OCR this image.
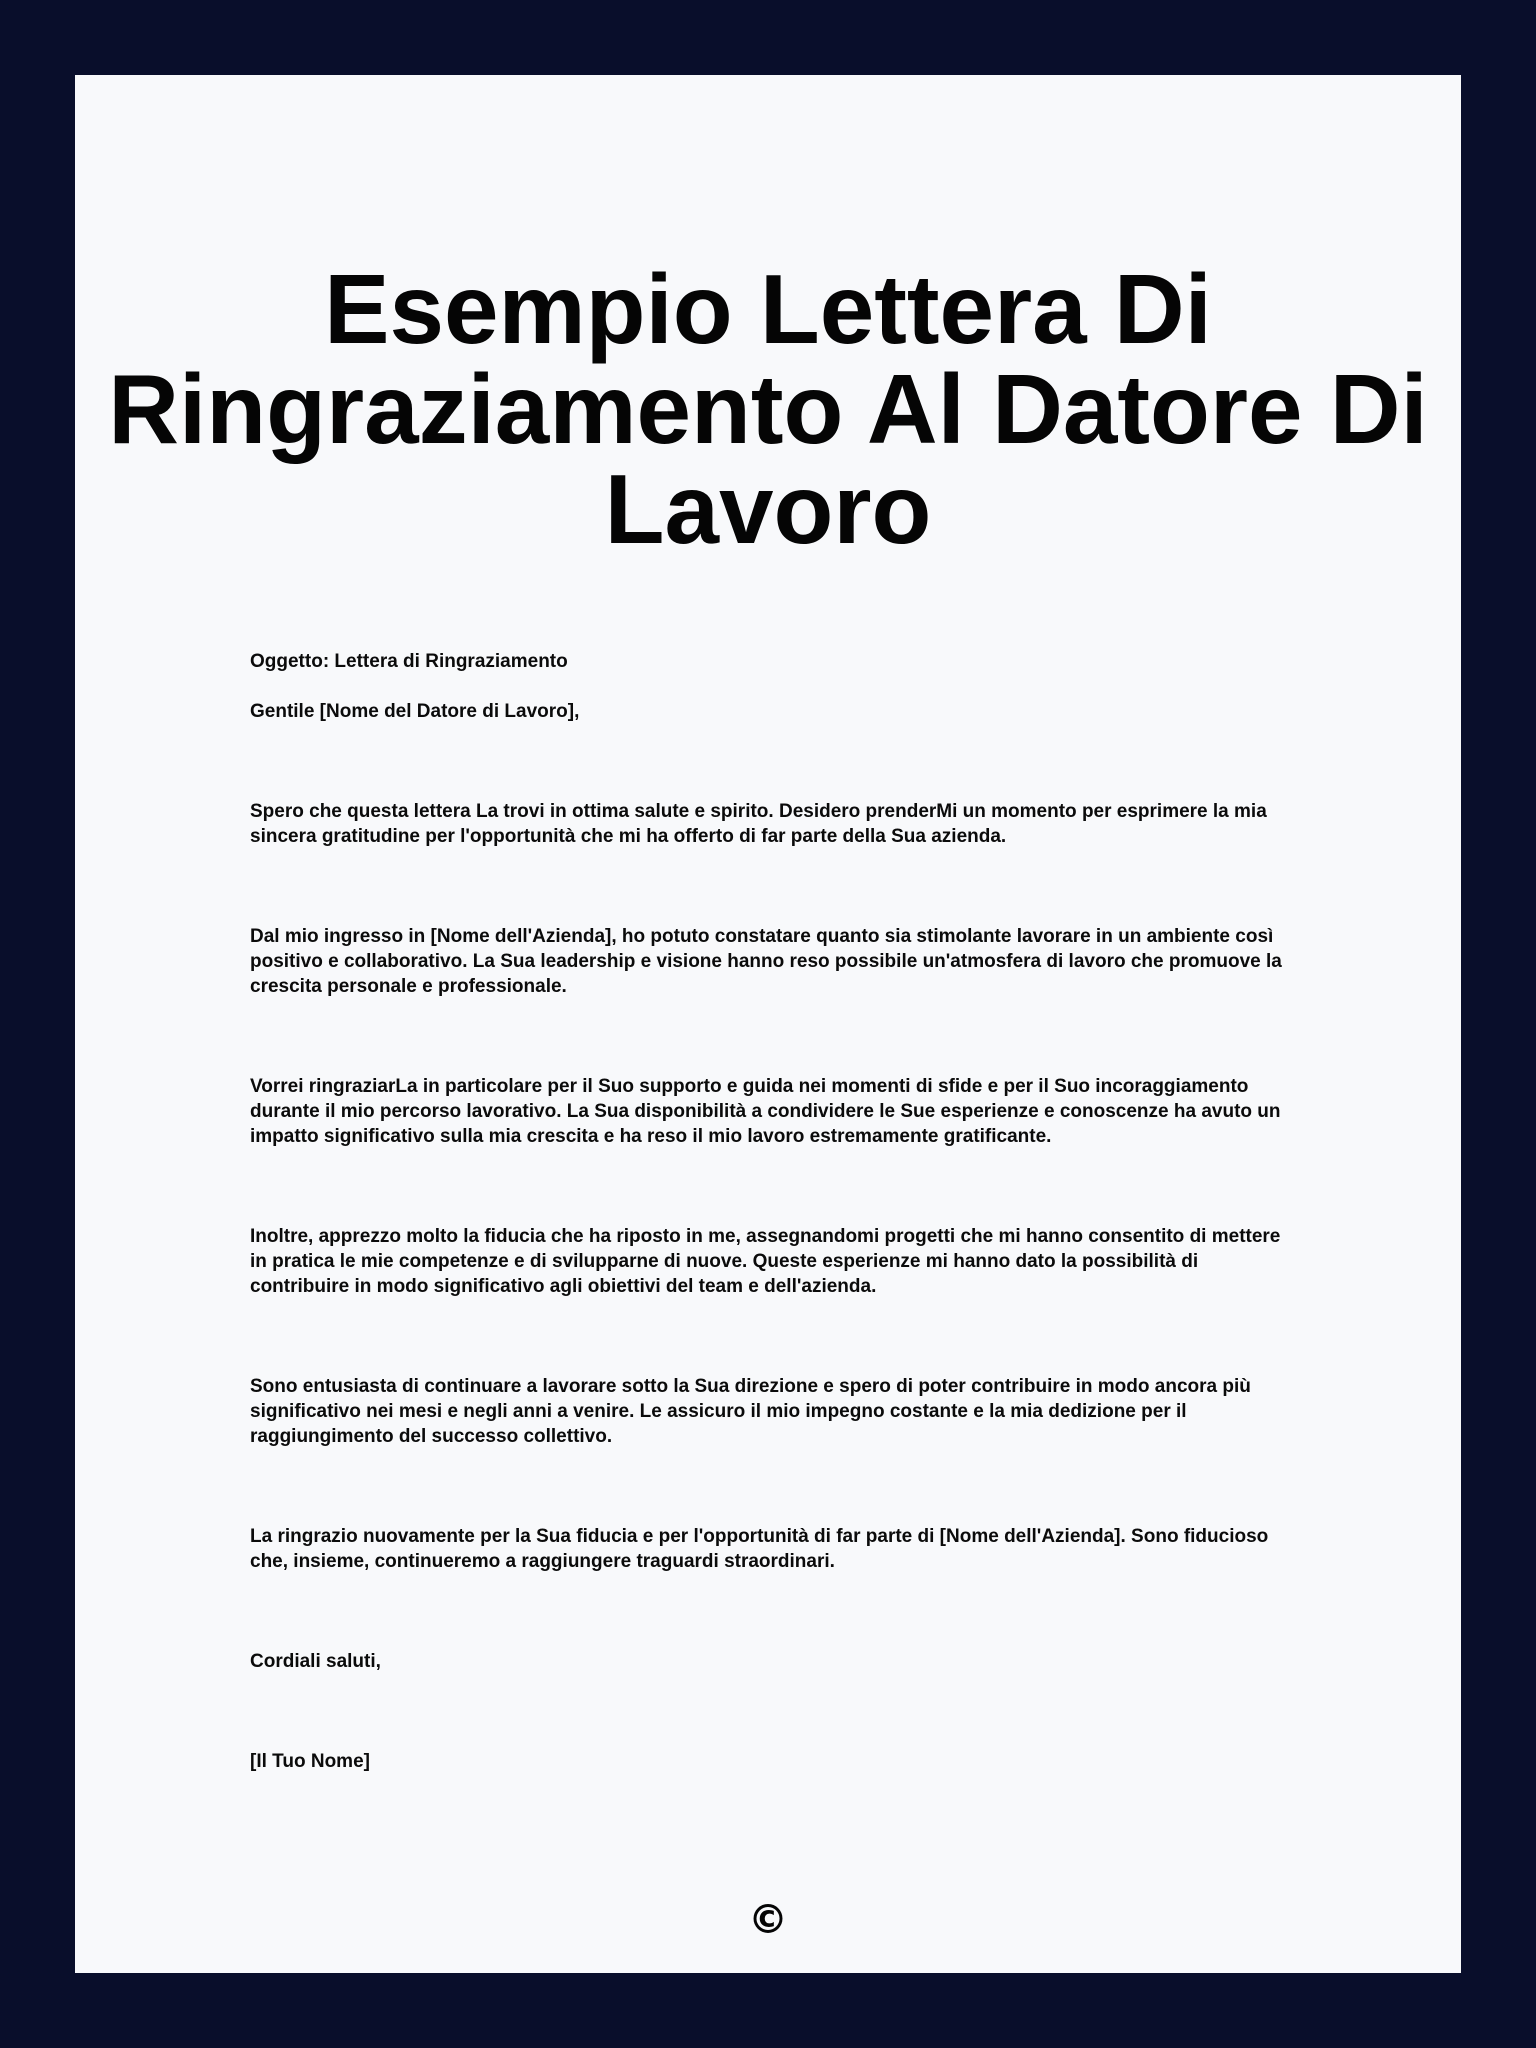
Esempio Lettera Di Ringraziamento Al Datore Di Lavoro

Oggetto: Lettera di Ringraziamento

Gentile [Nome del Datore di Lavoro],

Spero che questa lettera La trovi in ottima salute e spirito. Desidero prenderMi un momento per esprimere la mia sincera gratitudine per l'opportunità che mi ha offerto di far parte della Sua azienda.

Dal mio ingresso in [Nome dell'Azienda], ho potuto constatare quanto sia stimolante lavorare in un ambiente così positivo e collaborativo. La Sua leadership e visione hanno reso possibile un'atmosfera di lavoro che promuove la crescita personale e professionale.

Vorrei ringraziarLa in particolare per il Suo supporto e guida nei momenti di sfide e per il Suo incoraggiamento durante il mio percorso lavorativo. La Sua disponibilità a condividere le Sue esperienze e conoscenze ha avuto un impatto significativo sulla mia crescita e ha reso il mio lavoro estremamente gratificante.

Inoltre, apprezzo molto la fiducia che ha riposto in me, assegnandomi progetti che mi hanno consentito di mettere in pratica le mie competenze e di svilupparne di nuove. Queste esperienze mi hanno dato la possibilità di contribuire in modo significativo agli obiettivi del team e dell'azienda.

Sono entusiasta di continuare a lavorare sotto la Sua direzione e spero di poter contribuire in modo ancora più significativo nei mesi e negli anni a venire. Le assicuro il mio impegno costante e la mia dedizione per il raggiungimento del successo collettivo.

La ringrazio nuovamente per la Sua fiducia e per l'opportunità di far parte di [Nome dell'Azienda]. Sono fiducioso che, insieme, continueremo a raggiungere traguardi straordinari.

Cordiali saluti,

[Il Tuo Nome]

©
